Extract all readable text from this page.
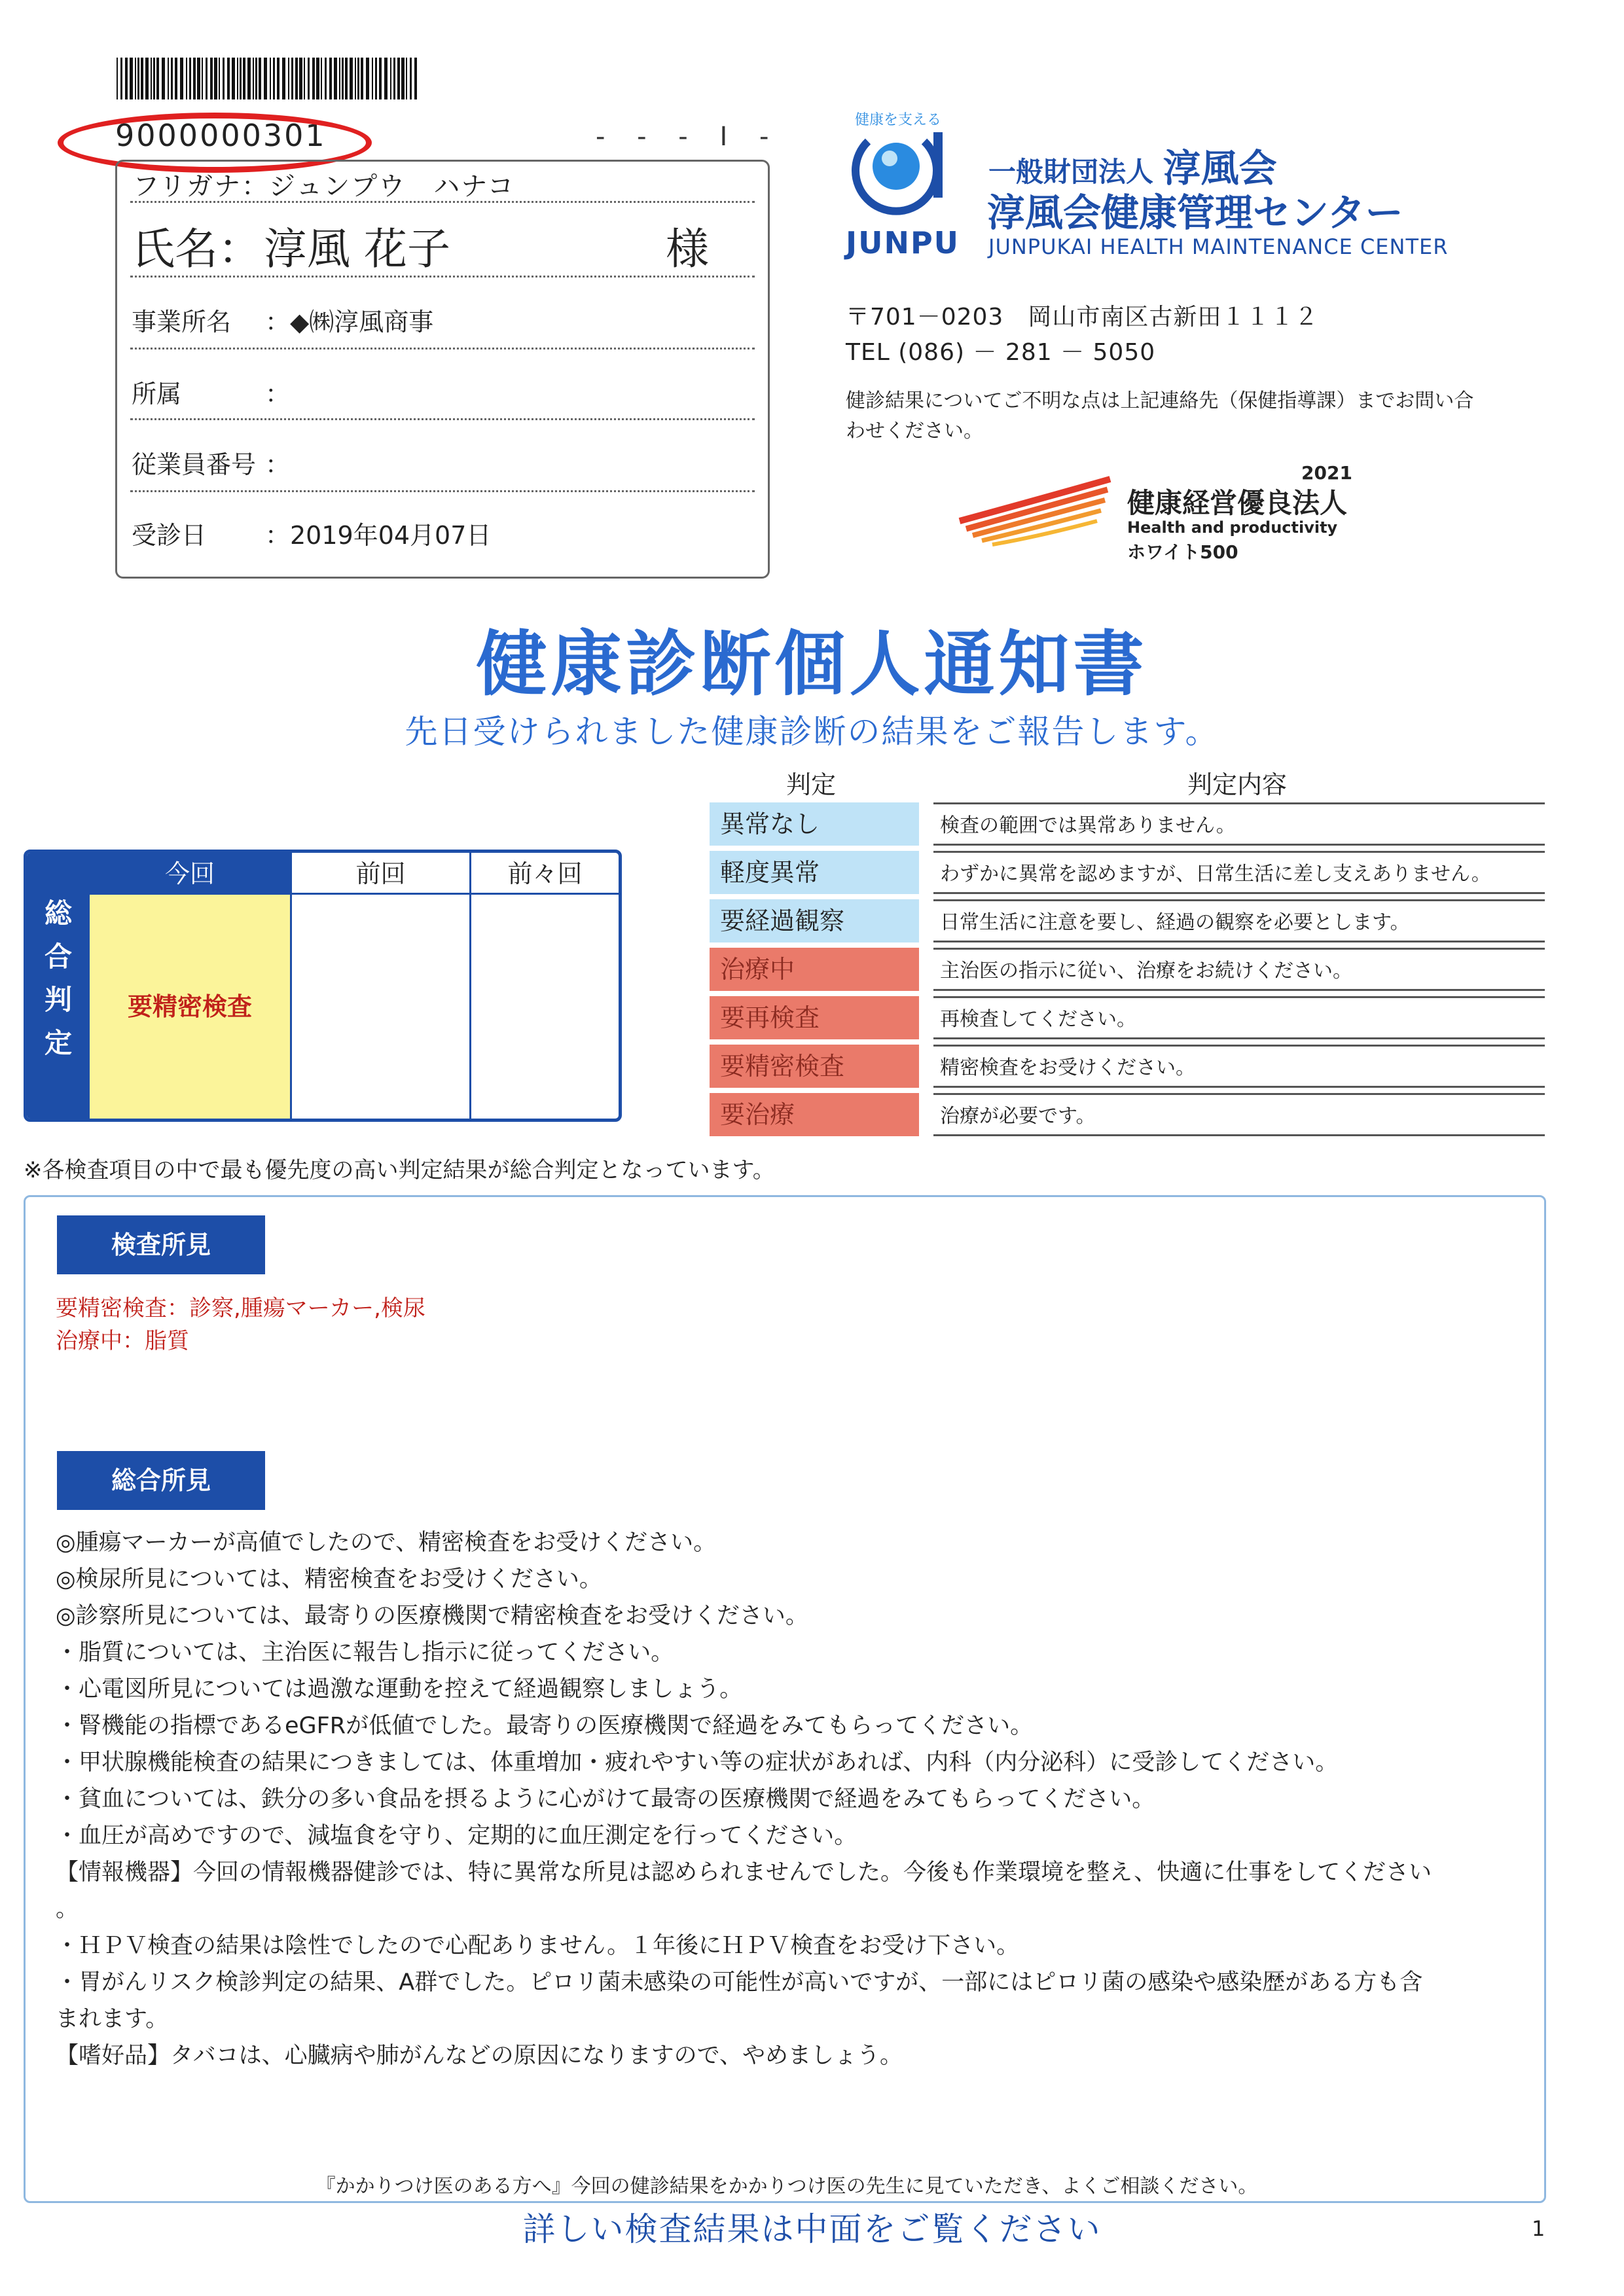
9000000301	- - - I -
フリガナ：ジュンプウ　ハナコ
氏名： 淳風 花子	様
事業所名 ：◆㈱淳風商事
所属	：
従業員番号 ：
受診日 ：2019年04月07日
健康を支える
JUNPU
一般財団法人 淳風会
淳風会健康管理センター
JUNPUKAI HEALTH MAINTENANCE CENTER
〒701－0203　岡山市南区古新田１１１２
TEL (086) － 281 － 5050
健診結果についてご不明な点は上記連絡先（保健指導課）までお問い合わせください。
2021
健康経営優良法人
Health and productivity
ホワイト500
健康診断個人通知書
先日受けられました健康診断の結果をご報告します。
判定	判定内容
異常なし	検査の範囲では異常ありません。
軽度異常	わずかに異常を認めますが、日常生活に差し支えありません。
要経過観察	日常生活に注意を要し、経過の観察を必要とします。
治療中	主治医の指示に従い、治療をお続けください。
要再検査	再検査してください。
要精密検査	精密検査をお受けください。
要治療	治療が必要です。
総
合
判
定
今回	前回	前々回
要精密検査
※各検査項目の中で最も優先度の高い判定結果が総合判定となっています。
検査所見
要精密検査：診察,腫瘍マーカー,検尿
治療中：脂質
総合所見
◎腫瘍マーカーが高値でしたので、精密検査をお受けください。
◎検尿所見については、精密検査をお受けください。
◎診察所見については、最寄りの医療機関で精密検査をお受けください。
・脂質については、主治医に報告し指示に従ってください。
・心電図所見については過激な運動を控えて経過観察しましょう。
・腎機能の指標であるeGFRが低値でした。最寄りの医療機関で経過をみてもらってください。
・甲状腺機能検査の結果につきましては、体重増加・疲れやすい等の症状があれば、内科（内分泌科）に受診してください。
・貧血については、鉄分の多い食品を摂るように心がけて最寄の医療機関で経過をみてもらってください。
・血圧が高めですので、減塩食を守り、定期的に血圧測定を行ってください。
【情報機器】今回の情報機器健診では、特に異常な所見は認められませんでした。今後も作業環境を整え、快適に仕事をしてください
。
・ＨＰＶ検査の結果は陰性でしたので心配ありません。１年後にＨＰＶ検査をお受け下さい。
・胃がんリスク検診判定の結果、A群でした。ピロリ菌未感染の可能性が高いですが、一部にはピロリ菌の感染や感染歴がある方も含
まれます。
【嗜好品】タバコは、心臓病や肺がんなどの原因になりますので、やめましょう。
『かかりつけ医のある方へ』今回の健診結果をかかりつけ医の先生に見ていただき、よくご相談ください。
詳しい検査結果は中面をご覧ください	1
